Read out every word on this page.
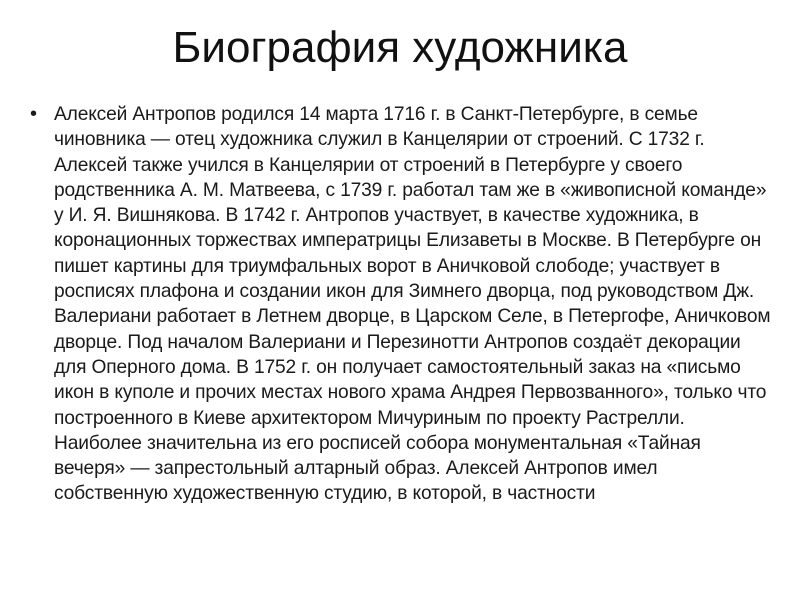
Биография художника
• Алексей Антропов родился 14 марта 1716 г. в Санкт-Петербурге, в семье чиновника — отец художника служил в Канцелярии от строений. С 1732 г. Алексей также учился в Канцелярии от строений в Петербурге у своего родственника А. М. Матвеева, с 1739 г. работал там же в «живописной команде» у И. Я. Вишнякова. В 1742 г. Антропов участвует, в качестве художника, в коронационных торжествах императрицы Елизаветы в Москве. В Петербурге он пишет картины для триумфальных ворот в Аничковой слободе; участвует в росписях плафона и создании икон для Зимнего дворца, под руководством Дж. Валериани работает в Летнем дворце, в Царском Селе, в Петергофе, Аничковом дворце. Под началом Валериани и Перезинотти Антропов создаёт декорации для Оперного дома. В 1752 г. он получает самостоятельный заказ на «письмо икон в куполе и прочих местах нового храма Андрея Первозванного», только что построенного в Киеве архитектором Мичуриным по проекту Растрелли. Наиболее значительна из его росписей собора монументальная «Тайная вечеря» — запрестольный алтарный образ. Алексей Антропов имел собственную художественную студию, в которой, в частности
